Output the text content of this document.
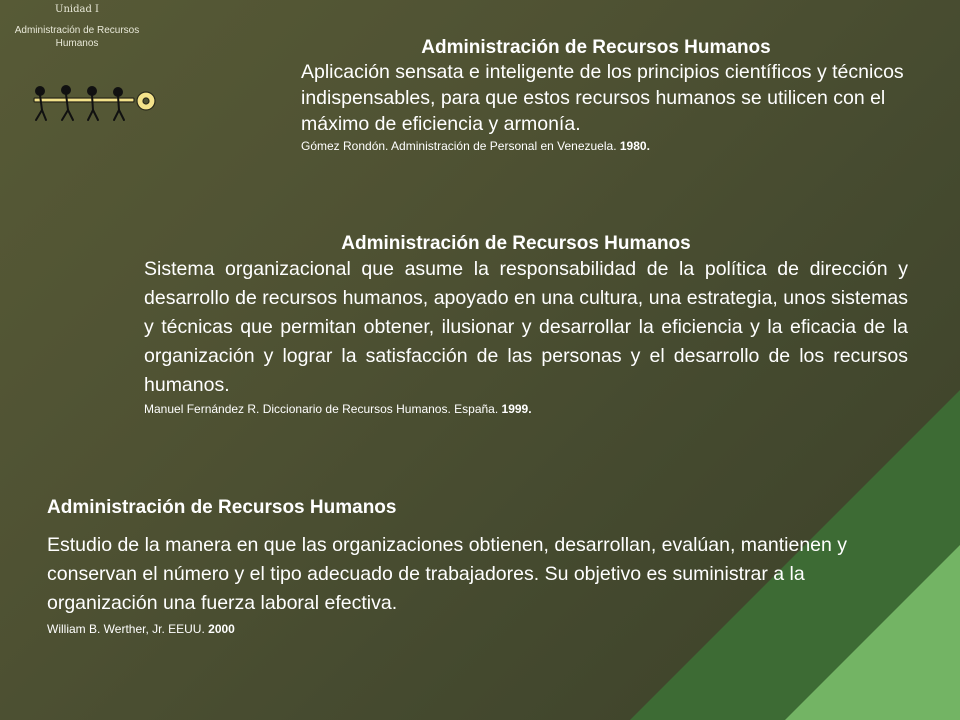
Unidad I
Administración de Recursos Humanos	Administración de Recursos Humanos
Aplicación sensata e inteligente de los principios científicos y técnicos indispensables, para que estos recursos humanos se utilicen con el máximo de eficiencia y armonía.
Gómez Rondón. Administración de Personal en Venezuela. 1980.
Administración de Recursos Humanos
Sistema organizacional que asume la responsabilidad de la política de dirección y desarrollo de recursos humanos, apoyado en una cultura, una estrategia, unos sistemas y técnicas que permitan obtener, ilusionar y desarrollar la eficiencia y la eficacia de la organización y lograr la satisfacción de las personas y el desarrollo de los recursos humanos.
Manuel Fernández R. Diccionario de Recursos Humanos. España. 1999.
Administración de Recursos Humanos
Estudio de la manera en que las organizaciones obtienen, desarrollan, evalúan, mantienen y conservan el número y el tipo adecuado de trabajadores. Su objetivo es suministrar a la organización una fuerza laboral efectiva.
William B. Werther, Jr. EEUU. 2000
